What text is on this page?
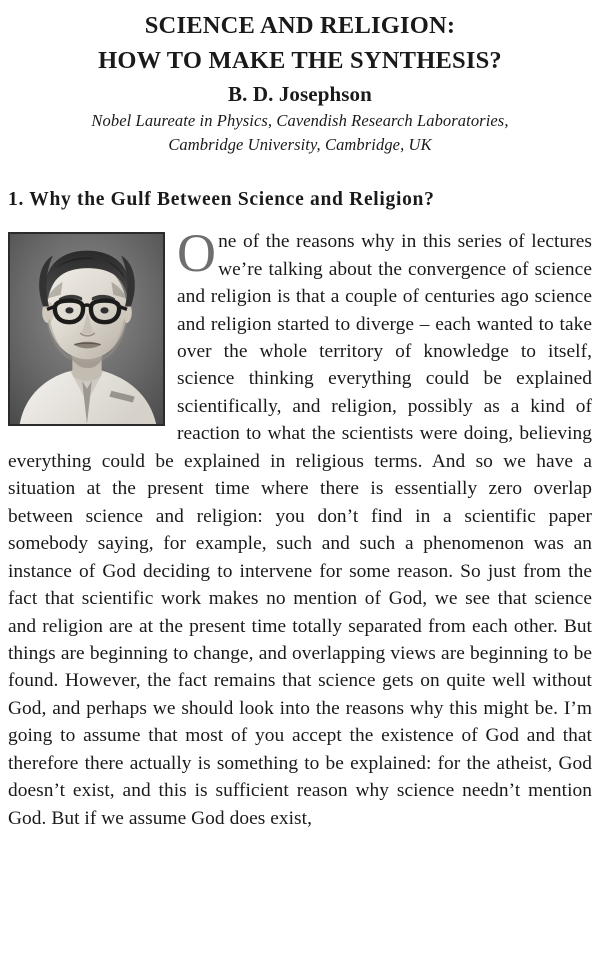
SCIENCE AND RELIGION:
HOW TO MAKE THE SYNTHESIS?
B. D. Josephson
Nobel Laureate in Physics, Cavendish Research Laboratories,
Cambridge University, Cambridge, UK
1. Why the Gulf Between Science and Religion?
One of the reasons why in this series of lectures we’re talking about the convergence of science and religion is that a couple of centuries ago science and religion started to diverge – each wanted to take over the whole territory of knowledge to itself, science thinking everything could be explained scientifically, and religion, possibly as a kind of reaction to what the scientists were doing, believing everything could be explained in religious terms. And so we have a situation at the present time where there is essentially zero overlap between science and religion: you don’t find in a scientific paper somebody saying, for example, such and such a phenomenon was an instance of God deciding to intervene for some reason. So just from the fact that scientific work makes no mention of God, we see that science and religion are at the present time totally separated from each other. But things are beginning to change, and overlapping views are beginning to be found. However, the fact remains that science gets on quite well without God, and perhaps we should look into the reasons why this might be. I’m going to assume that most of you accept the existence of God and that therefore there actually is something to be explained: for the atheist, God doesn’t exist, and this is sufficient reason why science needn’t mention God. But if we assume God does exist,
